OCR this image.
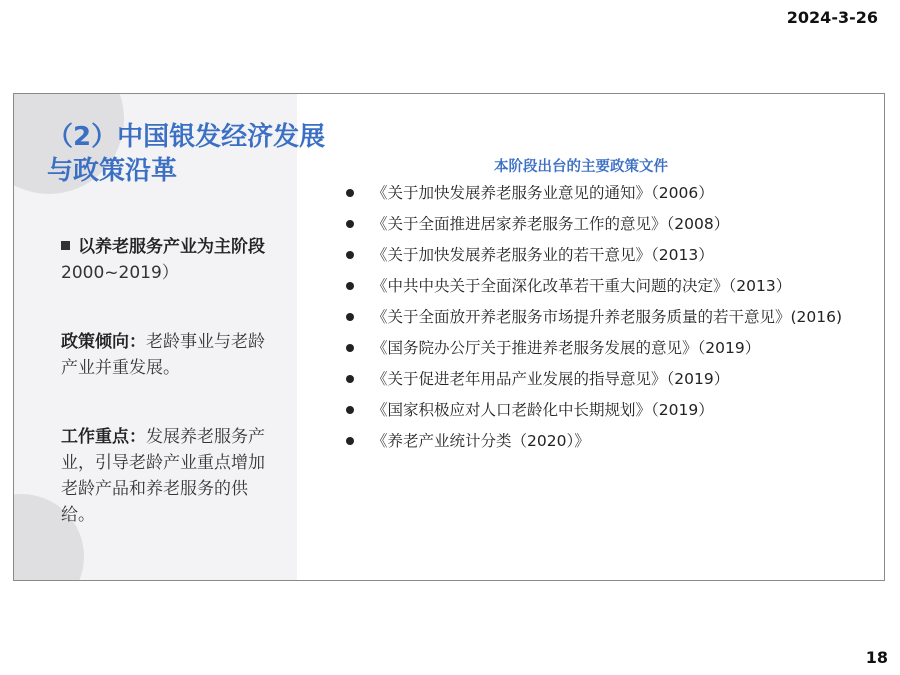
2024-3-26
（2）中国银发经济发展
与政策沿革
以养老服务产业为主阶段2000~2019）
政策倾向：老龄事业与老龄产业并重发展。
工作重点：发展养老服务产业，引导老龄产业重点增加老龄产品和养老服务的供给。
本阶段出台的主要政策文件
《关于加快发展养老服务业意见的通知》（2006）
《关于全面推进居家养老服务工作的意见》（2008）
《关于加快发展养老服务业的若干意见》（2013）
《中共中央关于全面深化改革若干重大问题的决定》（2013）
《关于全面放开养老服务市场提升养老服务质量的若干意见》(2016)
《国务院办公厅关于推进养老服务发展的意见》（2019）
《关于促进老年用品产业发展的指导意见》（2019）
《国家积极应对人口老龄化中长期规划》（2019）
《养老产业统计分类（2020）》
18
